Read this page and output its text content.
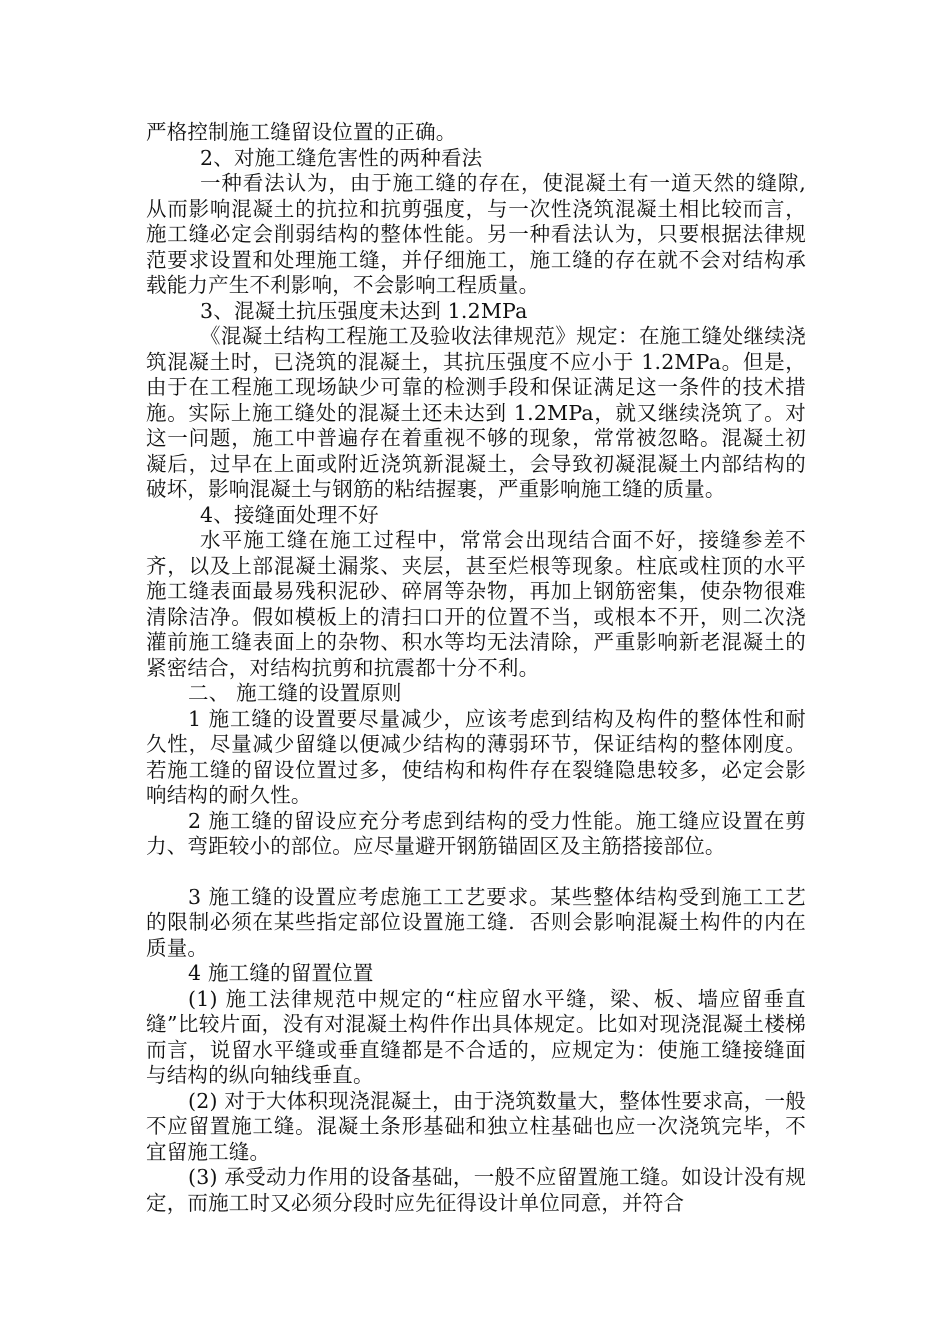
严格控制施工缝留设位置的正确。

2、对施工缝危害性的两种看法

一种看法认为，由于施工缝的存在，使混凝土有一道天然的缝隙,从而影响混凝土的抗拉和抗剪强度，与一次性浇筑混凝土相比较而言，施工缝必定会削弱结构的整体性能。另一种看法认为，只要根据法律规范要求设置和处理施工缝，并仔细施工，施工缝的存在就不会对结构承载能力产生不利影响，不会影响工程质量。

3、混凝土抗压强度未达到 1.2MPa

《混凝土结构工程施工及验收法律规范》规定：在施工缝处继续浇筑混凝土时，已浇筑的混凝土，其抗压强度不应小于 1.2MPa。但是，由于在工程施工现场缺少可靠的检测手段和保证满足这一条件的技术措施。实际上施工缝处的混凝土还未达到 1.2MPa，就又继续浇筑了。对这一问题，施工中普遍存在着重视不够的现象，常常被忽略。混凝土初凝后，过早在上面或附近浇筑新混凝土，会导致初凝混凝土内部结构的破坏，影响混凝土与钢筋的粘结握裹，严重影响施工缝的质量。

4、接缝面处理不好

水平施工缝在施工过程中，常常会出现结合面不好，接缝参差不齐，以及上部混凝土漏浆、夹层，甚至烂根等现象。柱底或柱顶的水平施工缝表面最易残积泥砂、碎屑等杂物，再加上钢筋密集，使杂物很难清除洁净。假如模板上的清扫口开的位置不当，或根本不开，则二次浇灌前施工缝表面上的杂物、积水等均无法清除，严重影响新老混凝土的紧密结合，对结构抗剪和抗震都十分不利。

二、 施工缝的设置原则

1 施工缝的设置要尽量减少，应该考虑到结构及构件的整体性和耐久性，尽量减少留缝以便减少结构的薄弱环节，保证结构的整体刚度。若施工缝的留设位置过多，使结构和构件存在裂缝隐患较多，必定会影响结构的耐久性。

2 施工缝的留设应充分考虑到结构的受力性能。施工缝应设置在剪力、弯距较小的部位。应尽量避开钢筋锚固区及主筋搭接部位。

3 施工缝的设置应考虑施工工艺要求。某些整体结构受到施工工艺的限制必须在某些指定部位设置施工缝．否则会影响混凝土构件的内在质量。

4 施工缝的留置位置

(1) 施工法律规范中规定的“柱应留水平缝，梁、板、墙应留垂直缝”比较片面，没有对混凝土构件作出具体规定。比如对现浇混凝土楼梯而言，说留水平缝或垂直缝都是不合适的，应规定为：使施工缝接缝面与结构的纵向轴线垂直。

(2) 对于大体积现浇混凝土，由于浇筑数量大，整体性要求高，一般不应留置施工缝。混凝土条形基础和独立柱基础也应一次浇筑完毕，不宜留施工缝。

(3) 承受动力作用的设备基础，一般不应留置施工缝。如设计没有规定，而施工时又必须分段时应先征得设计单位同意，并符合
